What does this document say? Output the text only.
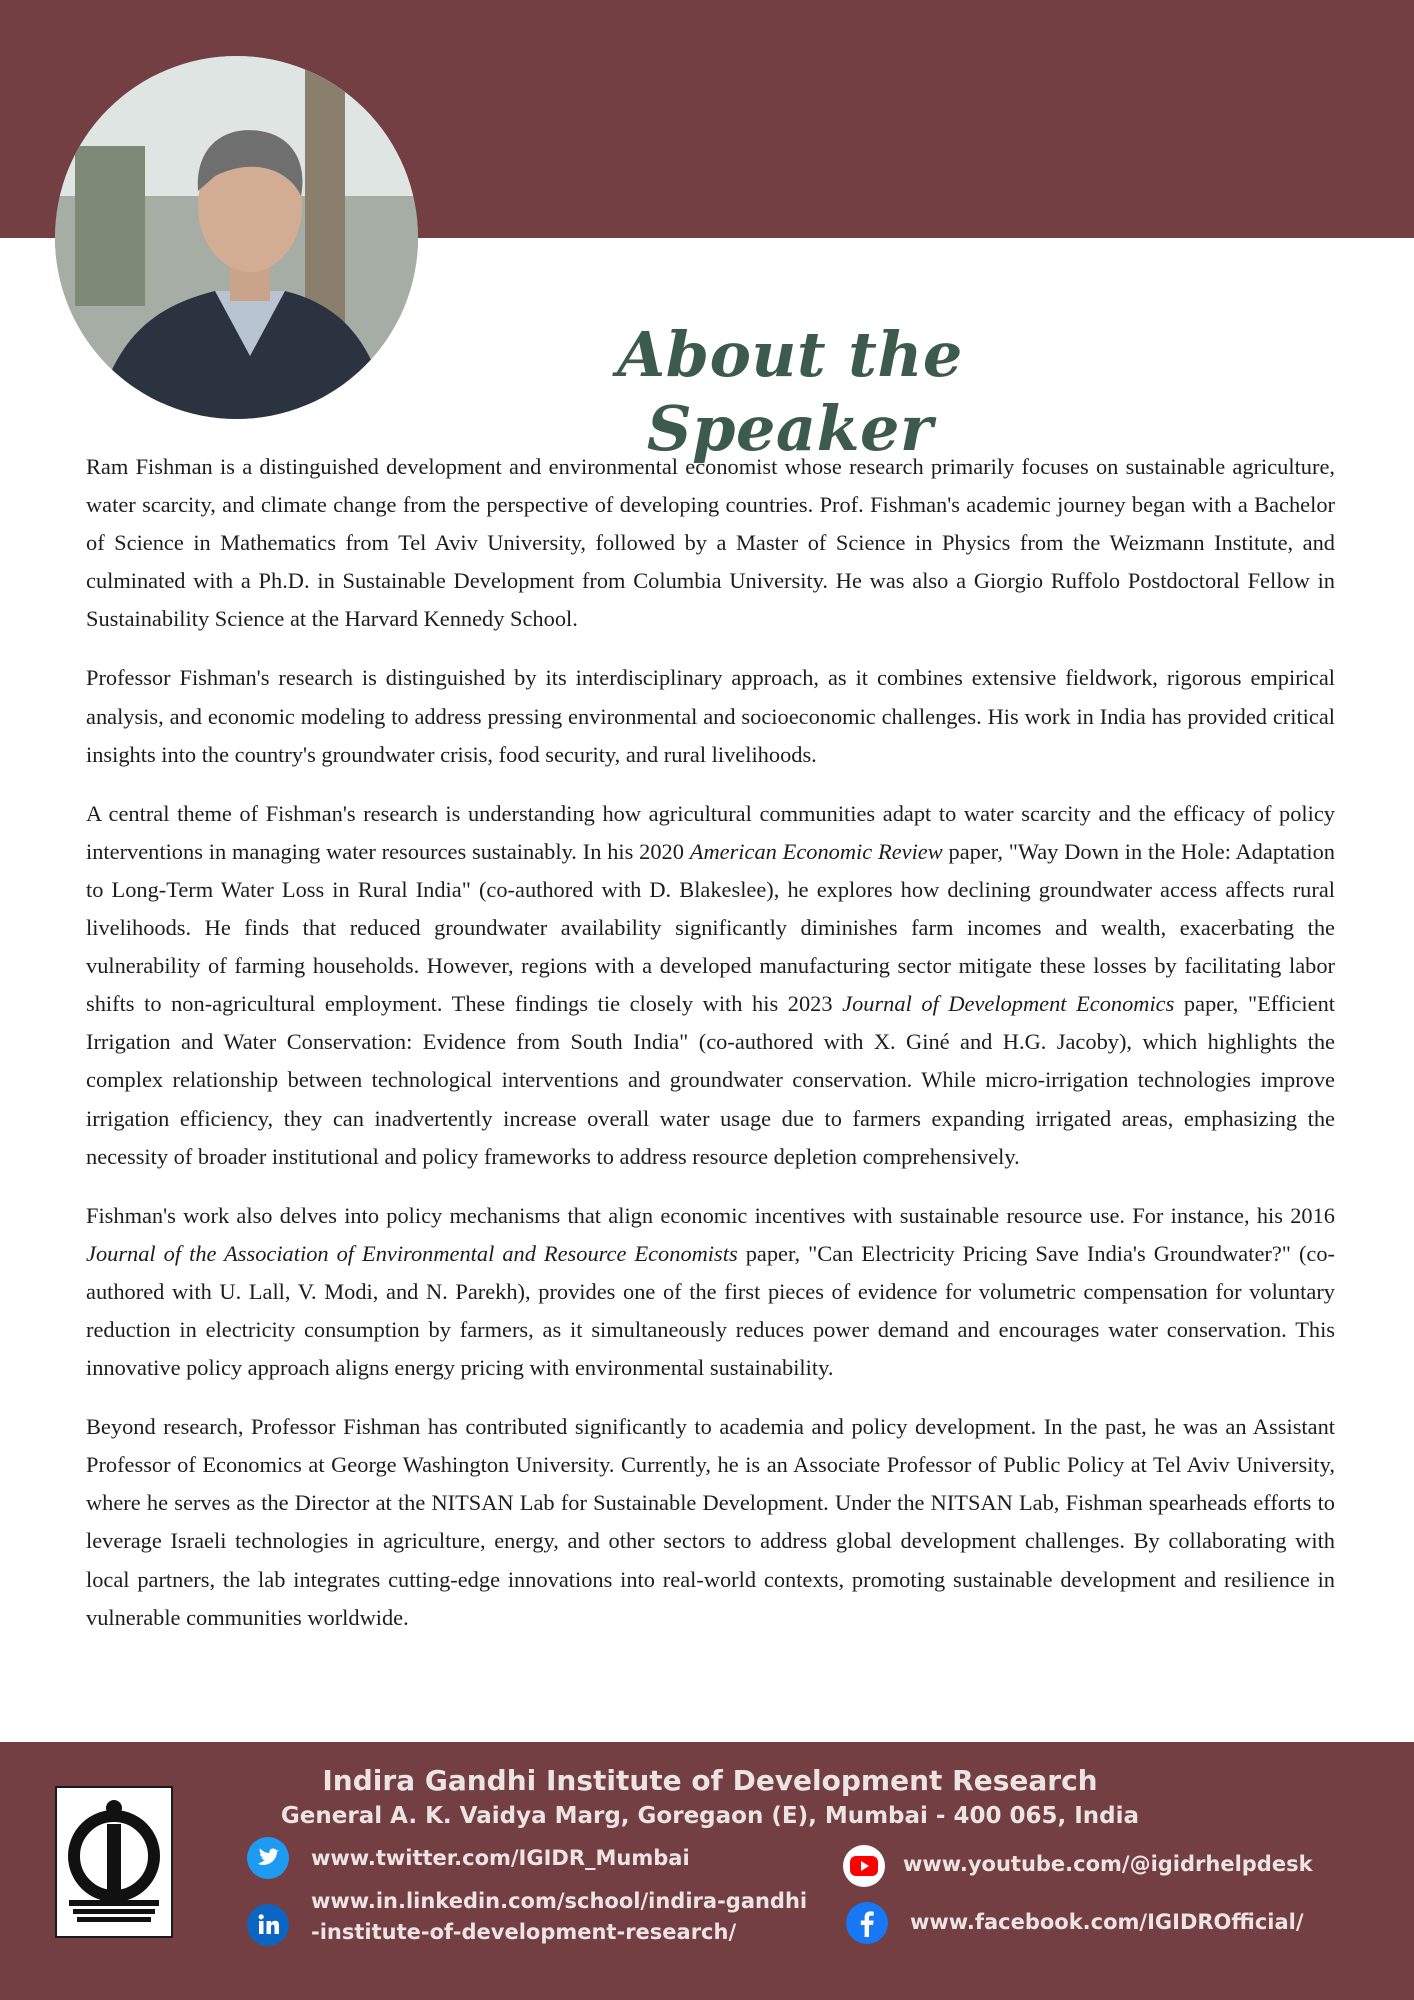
About the Speaker

Ram Fishman is a distinguished development and environmental economist whose research primarily focuses on sustainable agriculture, water scarcity, and climate change from the perspective of developing countries. Prof. Fishman's academic journey began with a Bachelor of Science in Mathematics from Tel Aviv University, followed by a Master of Science in Physics from the Weizmann Institute, and culminated with a Ph.D. in Sustainable Development from Columbia University. He was also a Giorgio Ruffolo Postdoctoral Fellow in Sustainability Science at the Harvard Kennedy School.

Professor Fishman's research is distinguished by its interdisciplinary approach, as it combines extensive fieldwork, rigorous empirical analysis, and economic modeling to address pressing environmental and socioeconomic challenges. His work in India has provided critical insights into the country's groundwater crisis, food security, and rural livelihoods.

A central theme of Fishman's research is understanding how agricultural communities adapt to water scarcity and the efficacy of policy interventions in managing water resources sustainably. In his 2020 American Economic Review paper, "Way Down in the Hole: Adaptation to Long-Term Water Loss in Rural India" (co-authored with D. Blakeslee), he explores how declining groundwater access affects rural livelihoods. He finds that reduced groundwater availability significantly diminishes farm incomes and wealth, exacerbating the vulnerability of farming households. However, regions with a developed manufacturing sector mitigate these losses by facilitating labor shifts to non-agricultural employment. These findings tie closely with his 2023 Journal of Development Economics paper, "Efficient Irrigation and Water Conservation: Evidence from South India" (co-authored with X. Giné and H.G. Jacoby), which highlights the complex relationship between technological interventions and groundwater conservation. While micro-irrigation technologies improve irrigation efficiency, they can inadvertently increase overall water usage due to farmers expanding irrigated areas, emphasizing the necessity of broader institutional and policy frameworks to address resource depletion comprehensively.

Fishman's work also delves into policy mechanisms that align economic incentives with sustainable resource use. For instance, his 2016 Journal of the Association of Environmental and Resource Economists paper, "Can Electricity Pricing Save India's Groundwater?" (co-authored with U. Lall, V. Modi, and N. Parekh), provides one of the first pieces of evidence for volumetric compensation for voluntary reduction in electricity consumption by farmers, as it simultaneously reduces power demand and encourages water conservation. This innovative policy approach aligns energy pricing with environmental sustainability.

Beyond research, Professor Fishman has contributed significantly to academia and policy development. In the past, he was an Assistant Professor of Economics at George Washington University. Currently, he is an Associate Professor of Public Policy at Tel Aviv University, where he serves as the Director at the NITSAN Lab for Sustainable Development. Under the NITSAN Lab, Fishman spearheads efforts to leverage Israeli technologies in agriculture, energy, and other sectors to address global development challenges. By collaborating with local partners, the lab integrates cutting-edge innovations into real-world contexts, promoting sustainable development and resilience in vulnerable communities worldwide.

Indira Gandhi Institute of Development Research
General A. K. Vaidya Marg, Goregaon (E), Mumbai - 400 065, India
www.twitter.com/IGIDR_Mumbai
www.in.linkedin.com/school/indira-gandhi
-institute-of-development-research/
www.youtube.com/@igidrhelpdesk
www.facebook.com/IGIDROfficial/
